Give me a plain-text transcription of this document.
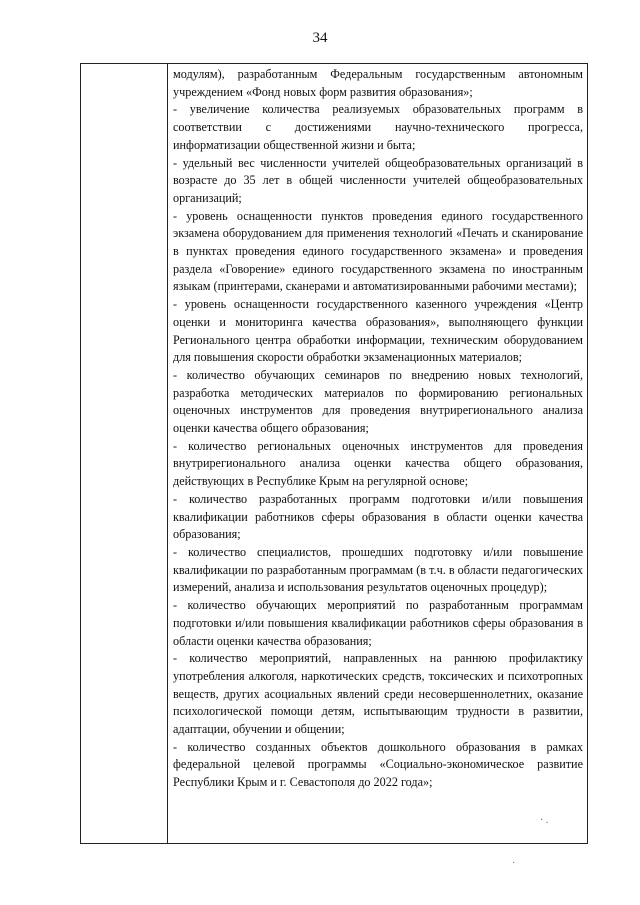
34

модулям), разработанным Федеральным государственным автономным учреждением «Фонд новых форм развития образования»;

- увеличение количества реализуемых образовательных программ в соответствии с достижениями научно-технического прогресса, информатизации общественной жизни и быта;

- удельный вес численности учителей общеобразовательных организаций в возрасте до 35 лет в общей численности учителей общеобразовательных организаций;

- уровень оснащенности пунктов проведения единого государственного экзамена оборудованием для применения технологий «Печать и сканирование в пунктах проведения единого государственного экзамена» и проведения раздела «Говорение» единого государственного экзамена по иностранным языкам (принтерами, сканерами и автоматизированными рабочими местами);

- уровень оснащенности государственного казенного учреждения «Центр оценки и мониторинга качества образования», выполняющего функции Регионального центра обработки информации, техническим оборудованием для повышения скорости обработки экзаменационных материалов;

- количество обучающих семинаров по внедрению новых технологий, разработка методических материалов по формированию региональных оценочных инструментов для проведения внутрирегионального анализа оценки качества общего образования;

- количество региональных оценочных инструментов для проведения внутрирегионального анализа оценки качества общего образования, действующих в Республике Крым на регулярной основе;

- количество разработанных программ подготовки и/или повышения квалификации работников сферы образования в области оценки качества образования;

- количество специалистов, прошедших подготовку и/или повышение квалификации по разработанным программам (в т.ч. в области педагогических измерений, анализа и использования результатов оценочных процедур);

- количество обучающих мероприятий по разработанным программам подготовки и/или повышения квалификации работников сферы образования в области оценки качества образования;

- количество мероприятий, направленных на раннюю профилактику употребления алкоголя, наркотических средств, токсических и психотропных веществ, других асоциальных явлений среди несовершеннолетних, оказание психологической помощи детям, испытывающим трудности в развитии, адаптации, обучении и общении;

- количество созданных объектов дошкольного образования в рамках федеральной целевой программы «Социально-экономическое развитие Республики Крым и г. Севастополя до 2022 года»;

· .
·
